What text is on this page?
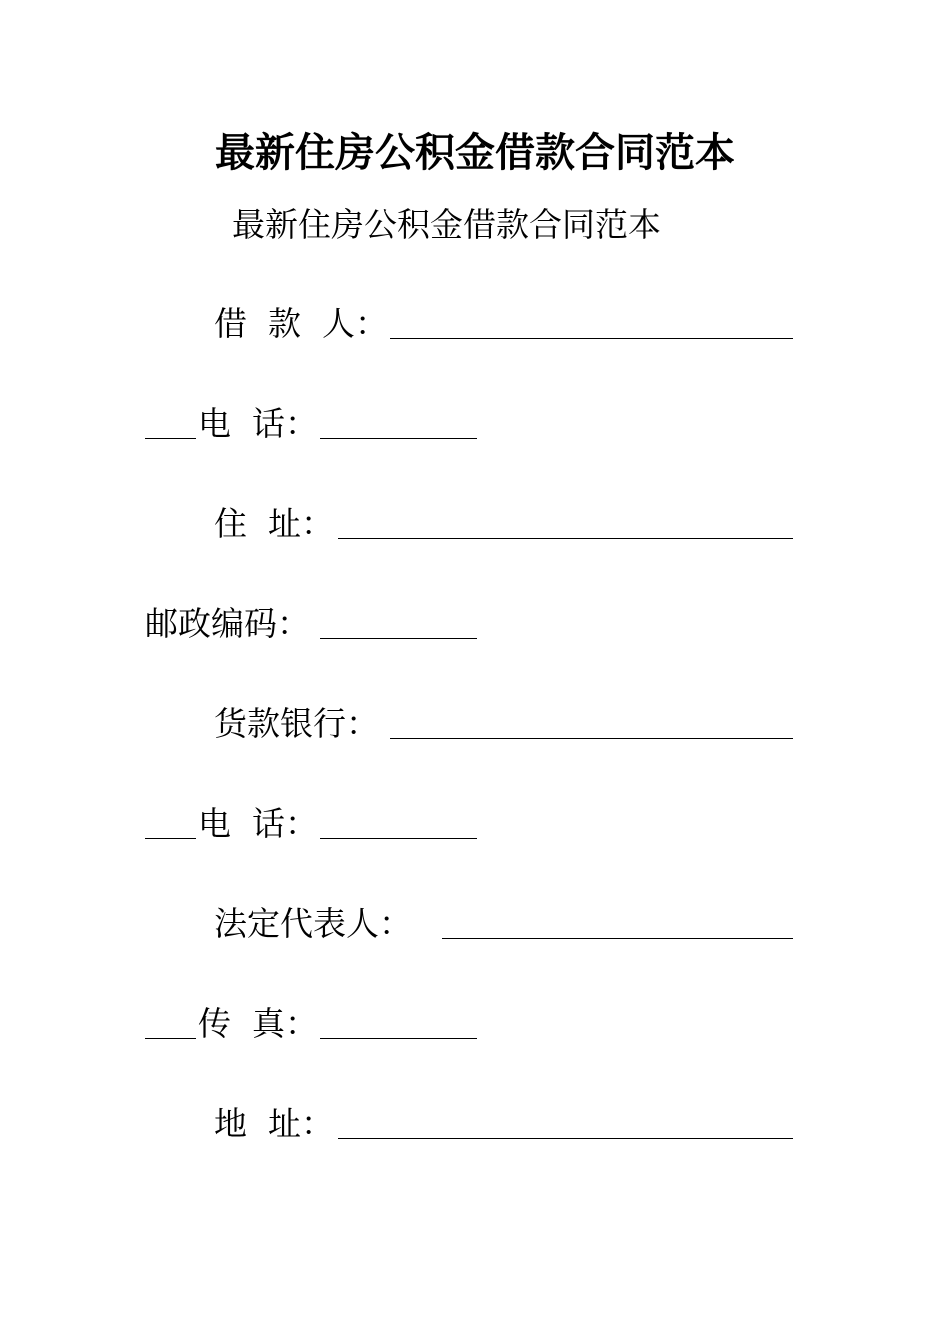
最新住房公积金借款合同范本
最新住房公积金借款合同范本
借  款  人：
电  话：
住  址：
邮政编码：
货款银行：
电  话：
法定代表人：
传  真：
地  址：
